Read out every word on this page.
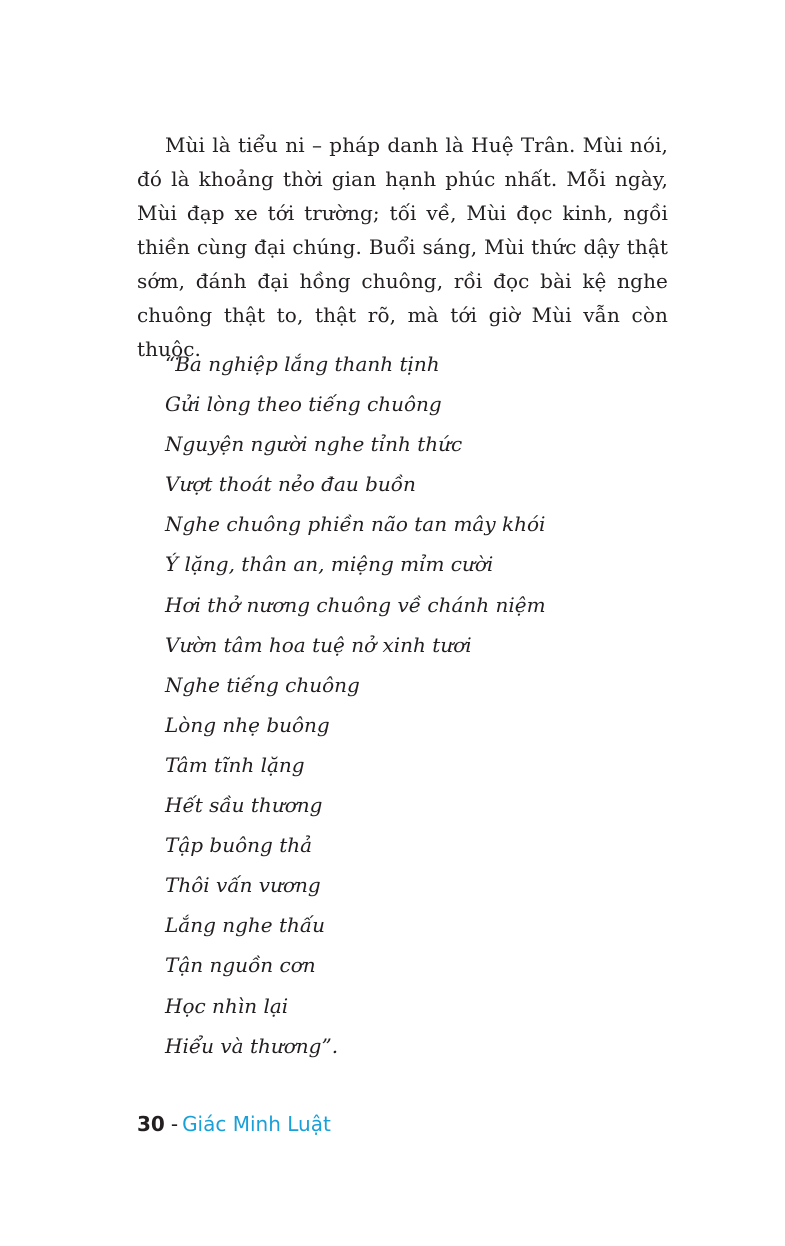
Mùi là tiểu ni – pháp danh là Huệ Trân. Mùi nói, đó là khoảng thời gian hạnh phúc nhất. Mỗi ngày, Mùi đạp xe tới trường; tối về, Mùi đọc kinh, ngồi thiền cùng đại chúng. Buổi sáng, Mùi thức dậy thật sớm, đánh đại hồng chuông, rồi đọc bài kệ nghe chuông thật to, thật rõ, mà tới giờ Mùi vẫn còn thuộc.

“Ba nghiệp lắng thanh tịnh
Gửi lòng theo tiếng chuông
Nguyện người nghe tỉnh thức
Vượt thoát nẻo đau buồn
Nghe chuông phiền não tan mây khói
Ý lặng, thân an, miệng mỉm cười
Hơi thở nương chuông về chánh niệm
Vườn tâm hoa tuệ nở xinh tươi
Nghe tiếng chuông
Lòng nhẹ buông
Tâm tĩnh lặng
Hết sầu thương
Tập buông thả
Thôi vấn vương
Lắng nghe thấu
Tận nguồn cơn
Học nhìn lại
Hiểu và thương”.
30 - Giác Minh Luật
